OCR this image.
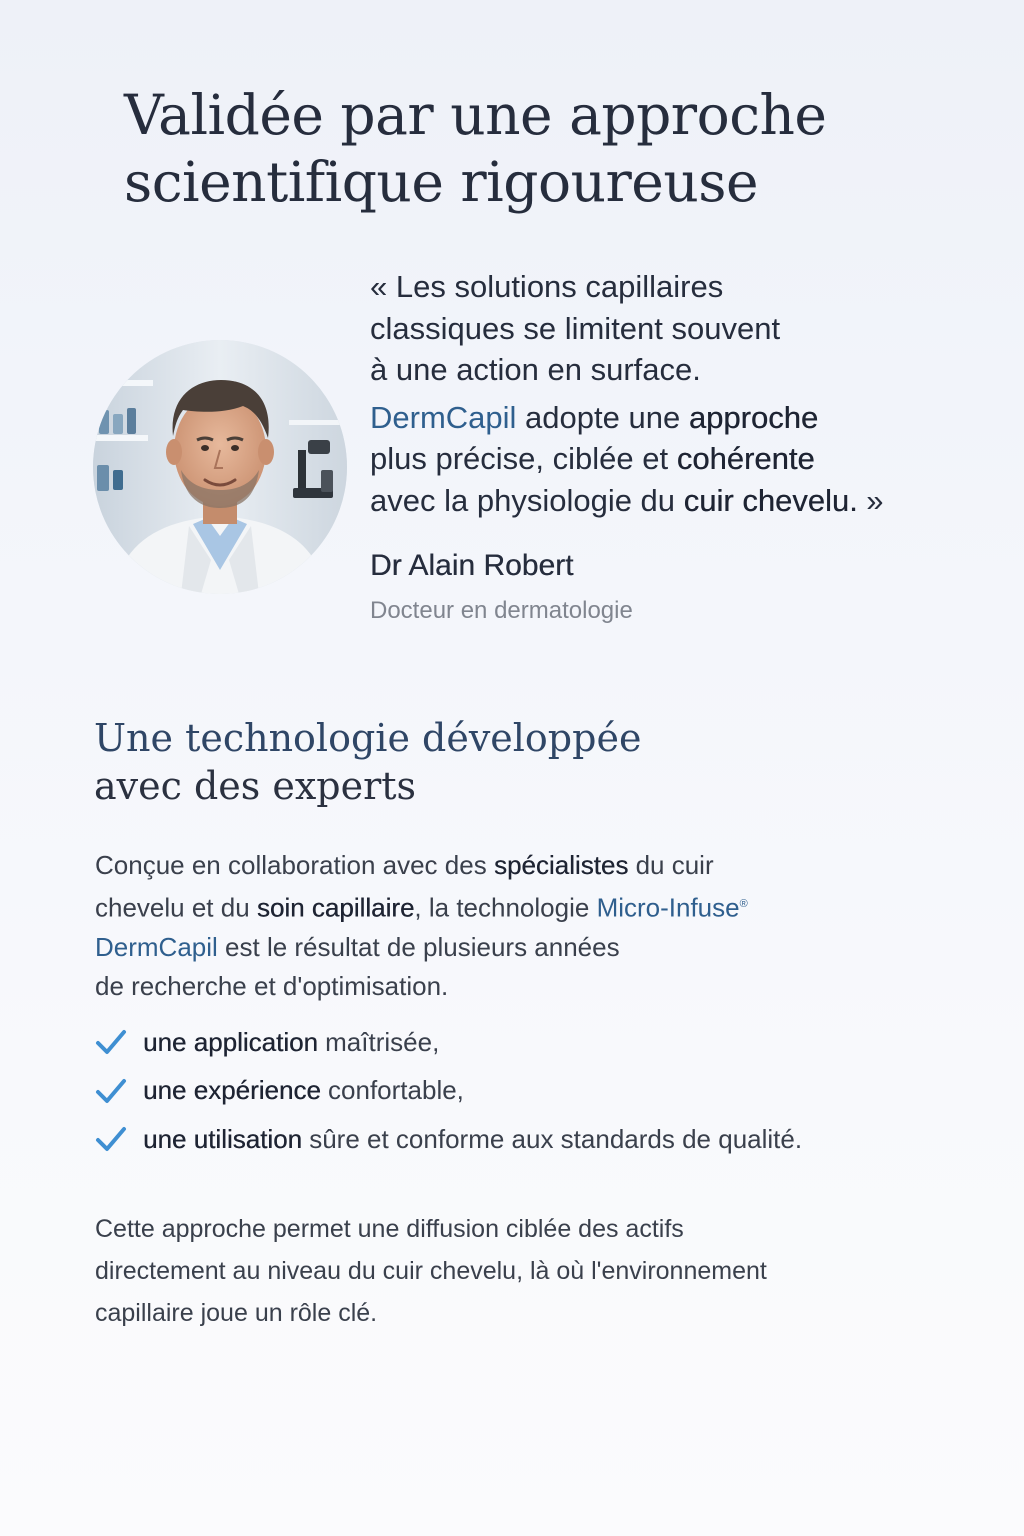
Validée par une approche
scientifique rigoureuse
« Les solutions capillaires
classiques se limitent souvent
à une action en surface.
DermCapil adopte une approche
plus précise, ciblée et cohérente
avec la physiologie du cuir chevelu. »
Dr Alain Robert
Docteur en dermatologie
Une technologie développée
avec des experts
Conçue en collaboration avec des spécialistes du cuir
chevelu et du soin capillaire, la technologie Micro-Infuse®
DermCapil est le résultat de plusieurs années
de recherche et d'optimisation.
une application maîtrisée,
une expérience confortable,
une utilisation sûre et conforme aux standards de qualité.
Cette approche permet une diffusion ciblée des actifs
directement au niveau du cuir chevelu, là où l'environnement
capillaire joue un rôle clé.
